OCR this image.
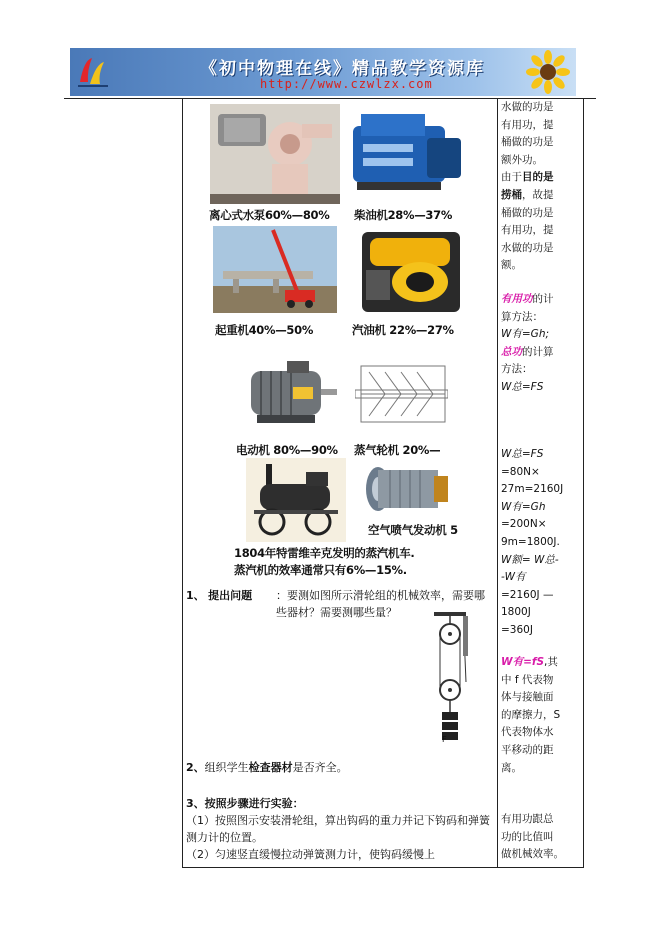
《初中物理在线》精品教学资源库
http://www.czwlzx.com
离心式水泵60%—80% 柴油机28%—37%
起重机40%—50%	汽油机 22%—27%
电动机 80%—90% 蒸气轮机 20%—
空气喷气发动机 5
1804年特雷维辛克发明的蒸汽机车.
蒸汽机的效率通常只有6%—15%.
1、 提出问题	：要测如图所示滑轮组的机械效率，需要哪些器材？需要测哪些量？
F
2、组织学生检查器材是否齐全。
3、按照步骤进行实验：
（1）按照图示安装滑轮组，算出钩码的重力并记下钩码和弹簧测力计的位置。
（2）匀速竖直缓慢拉动弹簧测力计，使钩码缓慢上

水做的功是

有用功，提

桶做的功是

额外功。

由于目的是

捞桶，故提

桶做的功是

有用功，提

水做的功是

额。

有用功的计

算方法：

W有=Gh;

总功的计算

方法：

W总=FS

W总=FS

=80N×

27m=2160J

W有=Gh

=200N×

9m=1800J.

W额= W总-

-W有

=2160J —

1800J

=360J

W有=fS,其

中 f 代表物

体与接触面

的摩擦力，S

代表物体水

平移动的距

离。

有用功跟总

功的比值叫

做机械效率。
